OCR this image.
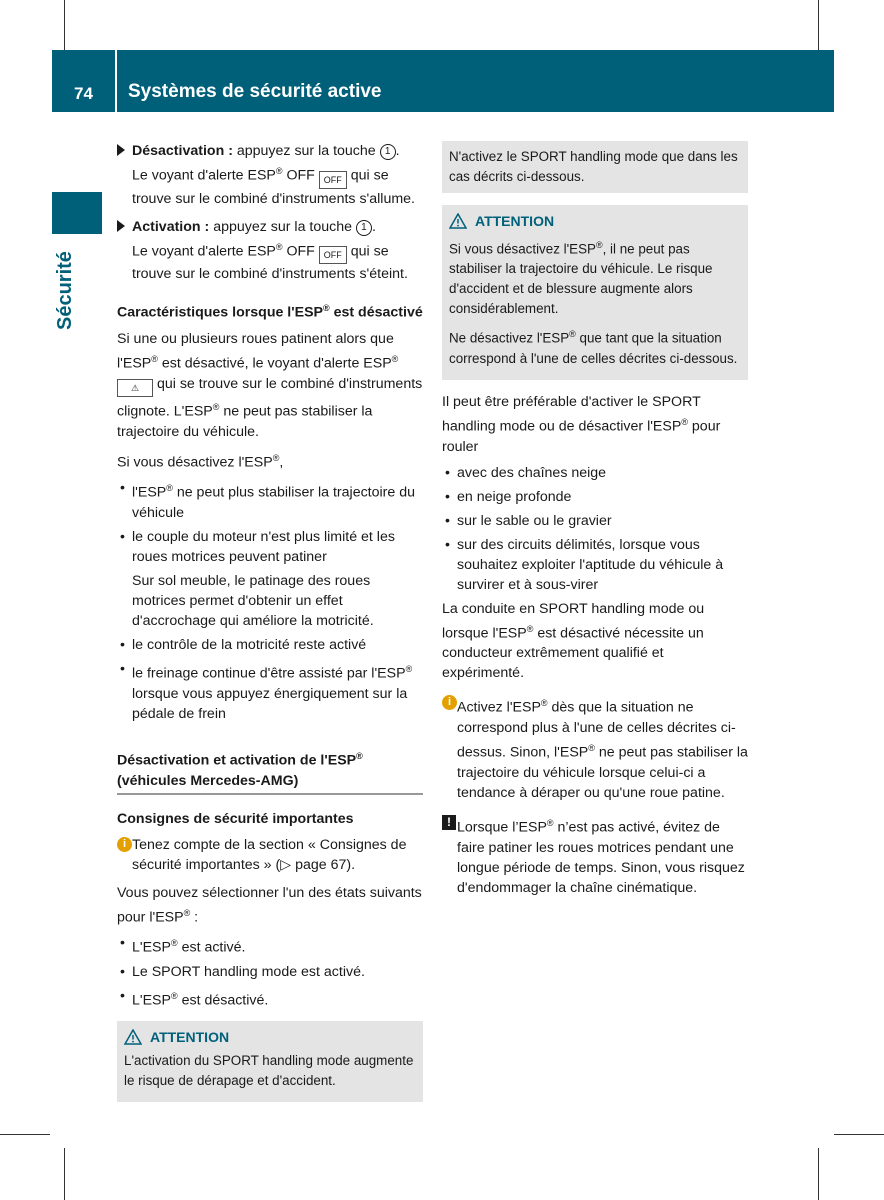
74	Systèmes de sécurité active
Sécurité
Désactivation : appuyez sur la touche 1 .
Le voyant d'alerte ESP® OFF OFF qui se trouve sur le combiné d'instruments s'allume.
Activation : appuyez sur la touche 1 .
Le voyant d'alerte ESP® OFF OFF qui se trouve sur le combiné d'instruments s'éteint.
Caractéristiques lorsque l'ESP® est désactivé

Si une ou plusieurs roues patinent alors que l'ESP® est désactivé, le voyant d'alerte ESP®
⚠ qui se trouve sur le combiné d'instruments clignote. L'ESP® ne peut pas stabiliser la trajectoire du véhicule.

Si vous désactivez l'ESP®,

• l'ESP® ne peut plus stabiliser la trajectoire du véhicule
• le couple du moteur n'est plus limité et les roues motrices peuvent patiner
Sur sol meuble, le patinage des roues motrices permet d'obtenir un effet d'accrochage qui améliore la motricité.
• le contrôle de la motricité reste activé
• le freinage continue d'être assisté par l'ESP® lorsque vous appuyez énergiquement sur la pédale de frein
Désactivation et activation de l'ESP®
(véhicules Mercedes-AMG)
Consignes de sécurité importantes
i Tenez compte de la section « Consignes de sécurité importantes » (▷ page 67).

Vous pouvez sélectionner l'un des états suivants pour l'ESP® :

• L'ESP® est activé.
• Le SPORT handling mode est activé.
• L'ESP® est désactivé.
ATTENTION

L'activation du SPORT handling mode augmente le risque de dérapage et d'accident.

N'activez le SPORT handling mode que dans les cas décrits ci-dessous.

ATTENTION

Si vous désactivez l'ESP®, il ne peut pas stabiliser la trajectoire du véhicule. Le risque d'accident et de blessure augmente alors considérablement.

Ne désactivez l'ESP® que tant que la situation correspond à l'une de celles décrites ci-dessous.

Il peut être préférable d'activer le SPORT handling mode ou de désactiver l'ESP® pour rouler

• avec des chaînes neige
• en neige profonde
• sur le sable ou le gravier
• sur des circuits délimités, lorsque vous souhaitez exploiter l'aptitude du véhicule à survirer et à sous-virer

La conduite en SPORT handling mode ou lorsque l'ESP® est désactivé nécessite un conducteur extrêmement qualifié et expérimenté.

i Activez l'ESP® dès que la situation ne correspond plus à l'une de celles décrites ci-dessus. Sinon, l'ESP® ne peut pas stabiliser la trajectoire du véhicule lorsque celui-ci a tendance à déraper ou qu'une roue patine.
! Lorsque l’ESP® n’est pas activé, évitez de faire patiner les roues motrices pendant une longue période de temps. Sinon, vous risquez d'endommager la chaîne cinématique.
